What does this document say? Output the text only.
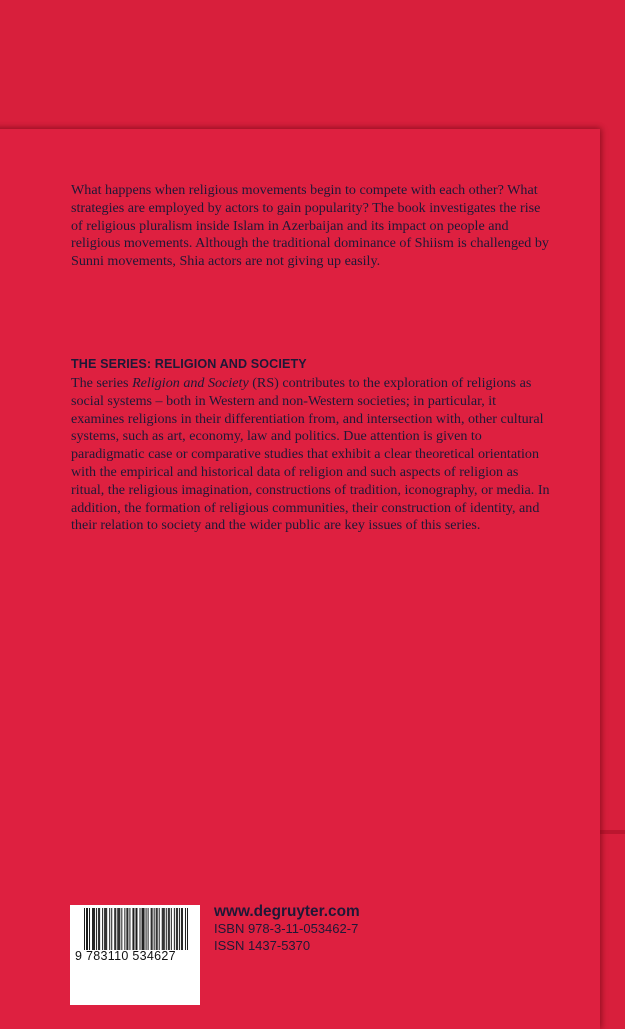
What happens when religious movements begin to compete with each other? What strategies are employed by actors to gain popularity? The book investigates the rise of religious pluralism inside Islam in Azerbaijan and its impact on people and religious movements. Although the traditional dominance of Shiism is challenged by Sunni movements, Shia actors are not giving up easily.

THE SERIES: RELIGION AND SOCIETY

The series Religion and Society (RS) contributes to the exploration of religions as social systems – both in Western and non-Western societies; in particular, it examines religions in their differentiation from, and intersection with, other cultural systems, such as art, economy, law and politics. Due attention is given to paradigmatic case or comparative studies that exhibit a clear theoretical orientation with the empirical and historical data of religion and such aspects of religion as ritual, the religious imagination, constructions of tradition, iconography, or media. In addition, the formation of religious communities, their construction of identity, and their relation to society and the wider public are key issues of this series.

9 783110 534627
www.degruyter.com
ISBN 978-3-11-053462-7
ISSN 1437-5370
